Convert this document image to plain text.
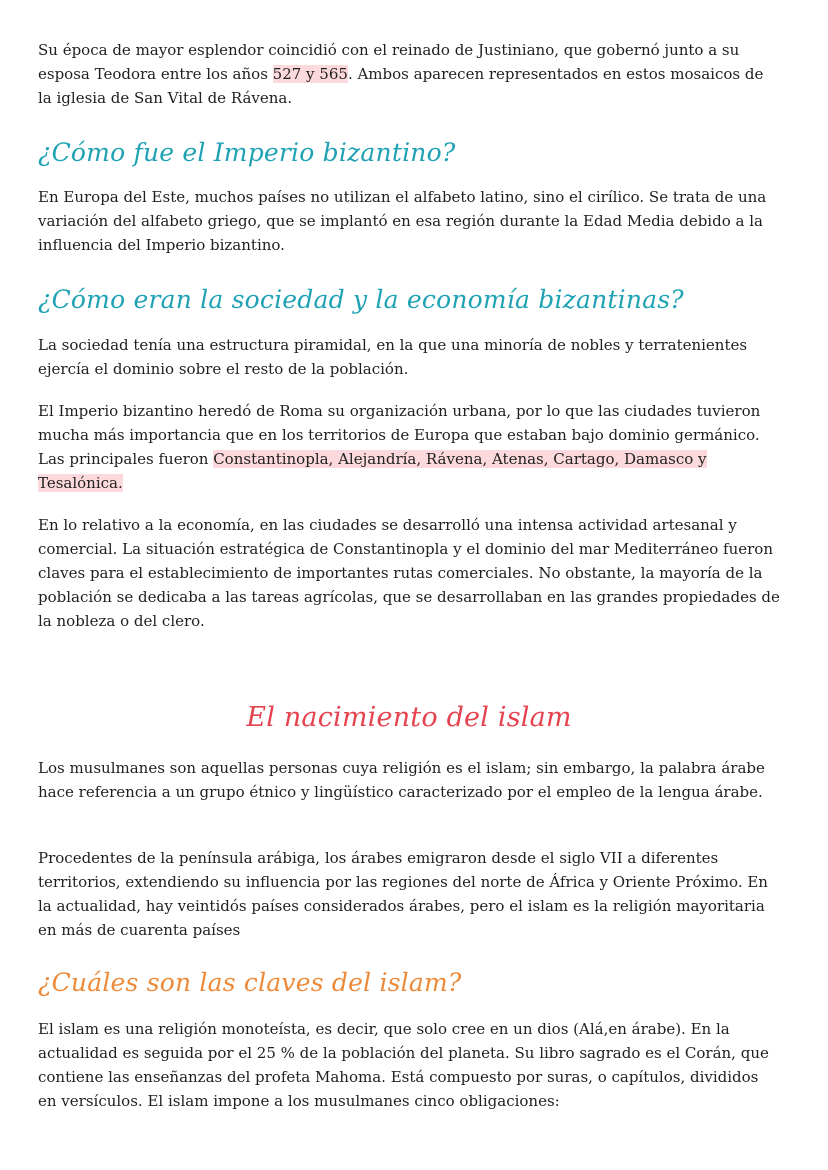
Su época de mayor esplendor coincidió con el reinado de Justiniano, que gobernó junto a su esposa Teodora entre los años 527 y 565. Ambos aparecen representados en estos mosaicos de la iglesia de San Vital de Rávena.

¿Cómo fue el Imperio bizantino?

En Europa del Este, muchos países no utilizan el alfabeto latino, sino el cirílico. Se trata de una variación del alfabeto griego, que se implantó en esa región durante la Edad Media debido a la influencia del Imperio bizantino.

¿Cómo eran la sociedad y la economía bizantinas?

La sociedad tenía una estructura piramidal, en la que una minoría de nobles y terratenientes ejercía el dominio sobre el resto de la población.

El Imperio bizantino heredó de Roma su organización urbana, por lo que las ciudades tuvieron mucha más importancia que en los territorios de Europa que estaban bajo dominio germánico. Las principales fueron Constantinopla, Alejandría, Rávena, Atenas, Cartago, Damasco y Tesalónica.

En lo relativo a la economía, en las ciudades se desarrolló una intensa actividad artesanal y comercial. La situación estratégica de Constantinopla y el dominio del mar Mediterráneo fueron claves para el establecimiento de importantes rutas comerciales. No obstante, la mayoría de la población se dedicaba a las tareas agrícolas, que se desarrollaban en las grandes propiedades de la nobleza o del clero.

El nacimiento del islam

Los musulmanes son aquellas personas cuya religión es el islam; sin embargo, la palabra árabe hace referencia a un grupo étnico y lingüístico caracterizado por el empleo de la lengua árabe.

Procedentes de la península arábiga, los árabes emigraron desde el siglo VII a diferentes territorios, extendiendo su influencia por las regiones del norte de África y Oriente Próximo. En la actualidad, hay veintidós países considerados árabes, pero el islam es la religión mayoritaria en más de cuarenta países

¿Cuáles son las claves del islam?

El islam es una religión monoteísta, es decir, que solo cree en un dios (Alá,en árabe). En la actualidad es seguida por el 25 % de la población del planeta. Su libro sagrado es el Corán, que contiene las enseñanzas del profeta Mahoma. Está compuesto por suras, o capítulos, divididos en versículos. El islam impone a los musulmanes cinco obligaciones:
